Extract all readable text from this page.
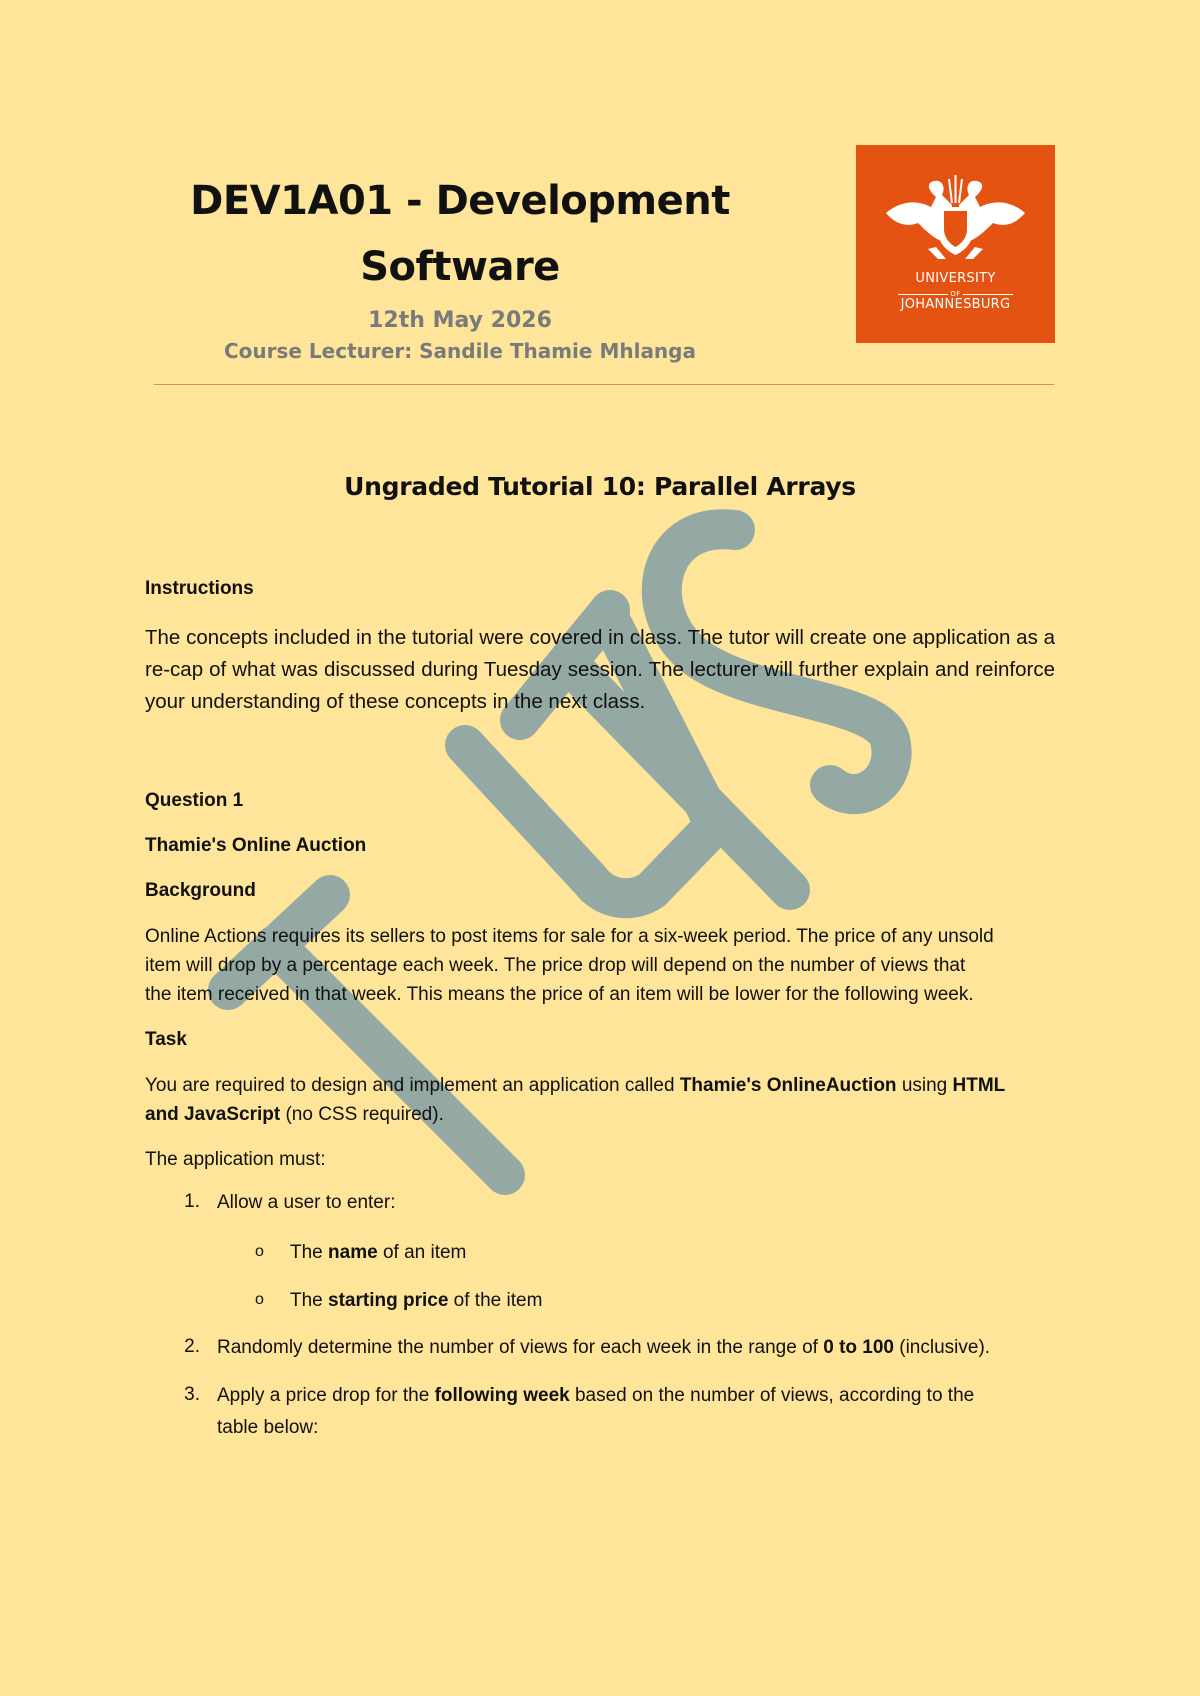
DEV1A01 - Development
Software
12th May 2026
Course Lecturer: Sandile Thamie Mhlanga
UNIVERSITY
OF
JOHANNESBURG
Ungraded Tutorial 10: Parallel Arrays
Instructions
The concepts included in the tutorial were covered in class. The tutor will create one application as a re-cap of what was discussed during Tuesday session. The lecturer will further explain and reinforce your understanding of these concepts in the next class.
Question 1
Thamie's Online Auction
Background
Online Actions requires its sellers to post items for sale for a six-week period. The price of any unsold
item will drop by a percentage each week. The price drop will depend on the number of views that
the item received in that week. This means the price of an item will be lower for the following week.
Task
You are required to design and implement an application called Thamie's OnlineAuction using HTML
and JavaScript (no CSS required).
The application must:
1. Allow a user to enter:
o The name of an item
o The starting price of the item
2. Randomly determine the number of views for each week in the range of 0 to 100 (inclusive).
3. Apply a price drop for the following week based on the number of views, according to the
table below:
